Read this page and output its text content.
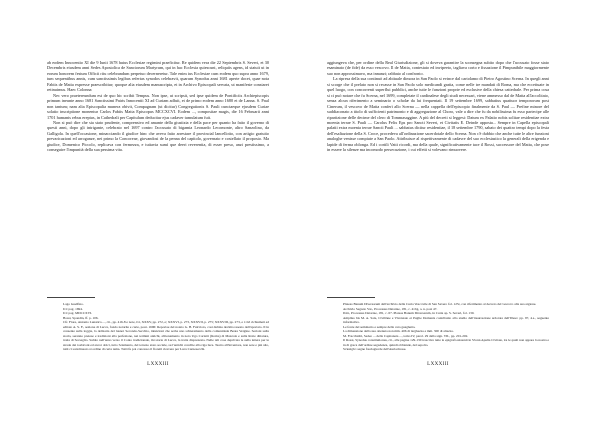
ab eodem Innocentio XI die 9 Iunii 1678 huius Ecclesiae regimini praeficitur. Re quidem vera die 22 Septembris S. Severi, et 30 Decembris eiusdem anni Sedes Apostolica de Sanctorum Martyrum, qui in hac Ecclesia quiescunt, reliquiis agens, id statuit ut in eorum honorem festum Officii ritu celebrandum perpetuo decerneretur. Tale enim ius Ecclesiae cum eodem quo supra anno 1679, tum sequentibus annis, cum sanctissimis legibus refertas synodos celebravit, quarum Synodus anni 1681 aperte docet, quae nota Fabiis de Matta expresse praescribitur; quoque alia eiusdem manuscripta, et in Archivo Episcopali servata, ut manifeste constaret retinuimus. Haec Colonna

Nec vero praetereundum est de quo hic scribit Tempus. Non ipse, ut scripsit, sed ipse quidem de Pontificiis Archiepiscopis primum ineunte anno 1681 Sanctissimi Patris Innocentii XI ad Curiam adfuit, et de primo eodem anno 1680 et de Lanna. S. Paul non tantum; nam alia Episcopalia munera obivit, Compagnam (ut dicitur) Congregationis S. Pauli cunctaeque ejusdem Curiae solatio inscriptione monentur Carlos Fabiis Matta Episcopus MCCXCVI. Eodem ..., compositae magis, die 16 Februarii anni 1701 humanis rebus ereptus, in Cathedrali per Capitulum deducitur ejus cadaver tumulatum fuit.

Non si può dire che sia stato prudente, comprensivo ed amante della giustizia e della pace per quanto ha fatto il governo di questi anni, dopo gli intrigante, celebrato nel 1697 contro l'accusato di bigamia Leonardo Lecomonte, altro Sanzolino, da Galligola. In quell'occasione, minacciando il giudice hinc che aveva fatto arrestare il provincial lancellotto, con artigio gratuito prevaricazioni ed arroganze, nei primo la Concoreae, giovandosi de la penna del capitolo, governato e costellato il proposto. Ma giudice, Domenico Piccolo, replicava con fermezza, e tuttavia sumì que deeri reverentia, di esser preso, anzi prestissimo, a conseguire l'impunità della sua pessima vita.

Lago Guelfino.
Ivi: pag. 1694.
Ivi: pag. MDCCXVI.
Bossi, Spondin, ff. p. 106.
Cfr. Fiore, Antonio Lunatica ..., cit., pp. 416-8 e note, ivi, XXXV, pp. 272, e; XXXVI, p. 273, XXXVII, p. 275; XXXVIII, pp. 273, e i rivi richiamati ed editato A. S. F., sezione di Lucca, fondo notarile e carte, pour. 1696: Reportae del notato G. B. Fulcrioto, così dubina decima resesto dell'aportato. Il in consente sulla loggia, la delizaria del lusnoi Secondo-Secchio, intuizioni che serba uno schieramento della comunidade Beata Vergine. Serioni sulla storia, seranno pretese e tradizioni alla perfezione, nei termini antichi, abbonamento in nota Ugo Corletti (Roma) di Mazzola e sulla Rotte dittatura, tratta di Sorsaglio. Subito nell'anno verso il Conto tradizionale, mi storia di Lucca, la tratta disprezzata. Nelle tali cosa deprivata le sulla lettera per le strade dei tosbiconi ed ancor dolci, tutto l'elemento, del terreno stato sociale, su l'antichi concilie alla riga luce. Teatro all'inventore, non sere e più alto, tutti ci sottolineato si ordine di certa tema. Tutti fu poi concesso il fioretti ricevere per Luca Carnesecchi.
LXXXIII

aggiungeva che, per ordine della Real Giurisdizione, gli si doveva garantire la sconsegna subito dopo che l'accusato fosse stato esaminato (de fide) da esso vescovo. Il de Matta, contestato ed invipeeto, tagliava corto e fissazione il Pimpunibile maggiormente suo non approssimavo, ma innanzi; rabbato al confronto.

La ripresa della sua continuò ad abituale dimora in San Paolo si evince dal cartolamo di Pietro Agostino Scerna. In quegli anni si scorge che il prelato non si recasse in San Paolo solo medicandi gratia, come nelle tre mandati di Roma, ma che eccettuate in quel luogo, con concorrenti superflui pubblici, anche tutte le funzioni proprie ed esclusive della chiesa cattedrale. Per prima cosa si ci può notare che fu Scerna, nel 1699, completate il cardinalese degli studi necessari, viene ammesso dal de Matta all'accolitato, senza alcun riferimento a seminario o scholæ da lui frequentati. Il 19 settembre 1699, sabbatius quattuor tempororum post Cinerum, il vescovo de Matta conferì allo Scerna — nella cappella dell'episcopio finalmente da S. Paul — Prefine minore del suddiaconato a titolo di sufficienti patrimonio e di aggregazione al Choro, vale a dire che fu da nobilissima fu esso partecipe alle ripartizione delle decime del clero di Tommasaggine. A più del decreti si leggesi: Datum ex Palatio nobis solitae residentiae extra moenia terrae S. Pauli — Carolus Felix Eps pro Sancti Severi, et Civitatis E. Deinde apposta... Sempre in Capella episcopali palatii extra moenia terrae Sancti Pauli ... sabbatus dicitur residentiae, il 18 settembre 1790, sabato dei quattro tempi dopo la festa dell'esaltazione della S. Croce, procedeva all'ordinazione sacerdotale dello Scerna. Non c'è dubbio che anche tutte le altre funzioni analoghe venisse compiute a San Paolo. Attribuisce al rispettivamente di cadavre del suo ecclesiastico la generali della erigenda e lapide di ferma oblonga. Ed i cortili Vatti ricordi, ma della quale, significativamente tace il Rossi, successore del Matta, che pose in essere la silenze ma incomodo persecuzione, i cui effetti si volevano rimuovere.

Plateas Banum Diversarum dall'archivio della Curia Vescovile di San Severo fol. 125r, con riferimento al decreto del vescovo alla sua argione.
Archivio Segreto Vat., Processus Datariae, 181, c. 41bg, a. n. post 47.
Ibid., Processus Datariae, 181, c. 67. Plateas Banum Diversarum, in Curia ap. S. Severi, fol. 130.
Amplius bis M. A. Sale, Civiltàne e Vivenzaio et Puglie Domenis contribuito allo studio dell'insurrezione ardorata dell'Illeso: pp. 97, 4.s., seguente informativo.
Le fonte del seminario e sempre della cara guaghetta.
La dimensione della sua ottenuta non mm. 406 di larghezza e mm. 300 di altezza.
M. Fracchaliti, Sedeo ... della Capitanata ..., tomo IV, parol. 29 dalla sign. VII., pp. 201-202.
Il Rossi, Synodus constitutionus, cit., alle pagine 129-130 trascrive tutte le epigrafi esistenti in S'tonn Apulia Civitate, tra le quali non appare la nostra e in di greca dell'ordine segadenza, quindi obbiande, del sepolto.
Sviesigh i sagne fasciagiorde dell'Auriacinose.
LXXXIII
